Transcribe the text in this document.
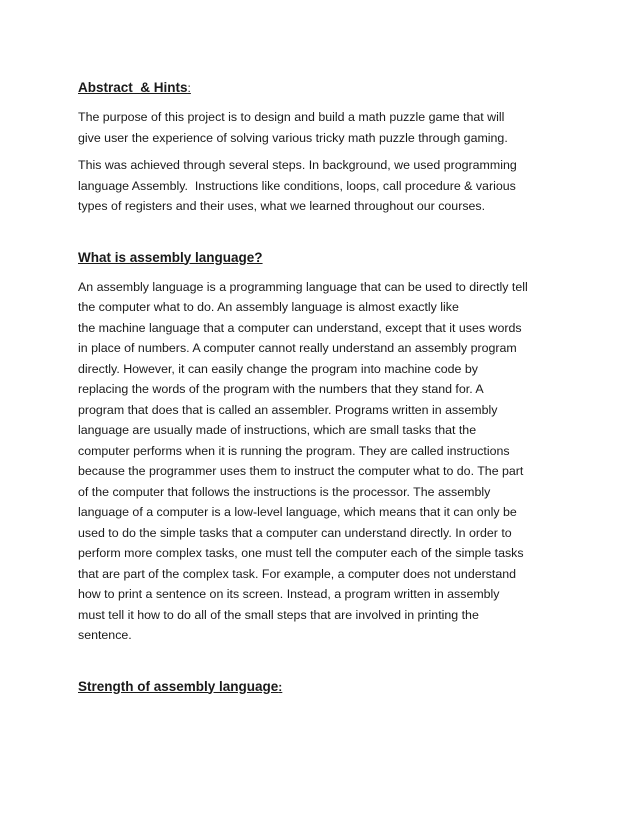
Abstract  & Hints:

The purpose of this project is to design and build a math puzzle game that will
give user the experience of solving various tricky math puzzle through gaming.

This was achieved through several steps. In background, we used programming
language Assembly.  Instructions like conditions, loops, call procedure & various
types of registers and their uses, what we learned throughout our courses.

What is assembly language?

An assembly language is a programming language that can be used to directly tell
the computer what to do. An assembly language is almost exactly like
the machine language that a computer can understand, except that it uses words
in place of numbers. A computer cannot really understand an assembly program
directly. However, it can easily change the program into machine code by
replacing the words of the program with the numbers that they stand for. A
program that does that is called an assembler. Programs written in assembly
language are usually made of instructions, which are small tasks that the
computer performs when it is running the program. They are called instructions
because the programmer uses them to instruct the computer what to do. The part
of the computer that follows the instructions is the processor. The assembly
language of a computer is a low-level language, which means that it can only be
used to do the simple tasks that a computer can understand directly. In order to
perform more complex tasks, one must tell the computer each of the simple tasks
that are part of the complex task. For example, a computer does not understand
how to print a sentence on its screen. Instead, a program written in assembly
must tell it how to do all of the small steps that are involved in printing the
sentence.

Strength of assembly language:
